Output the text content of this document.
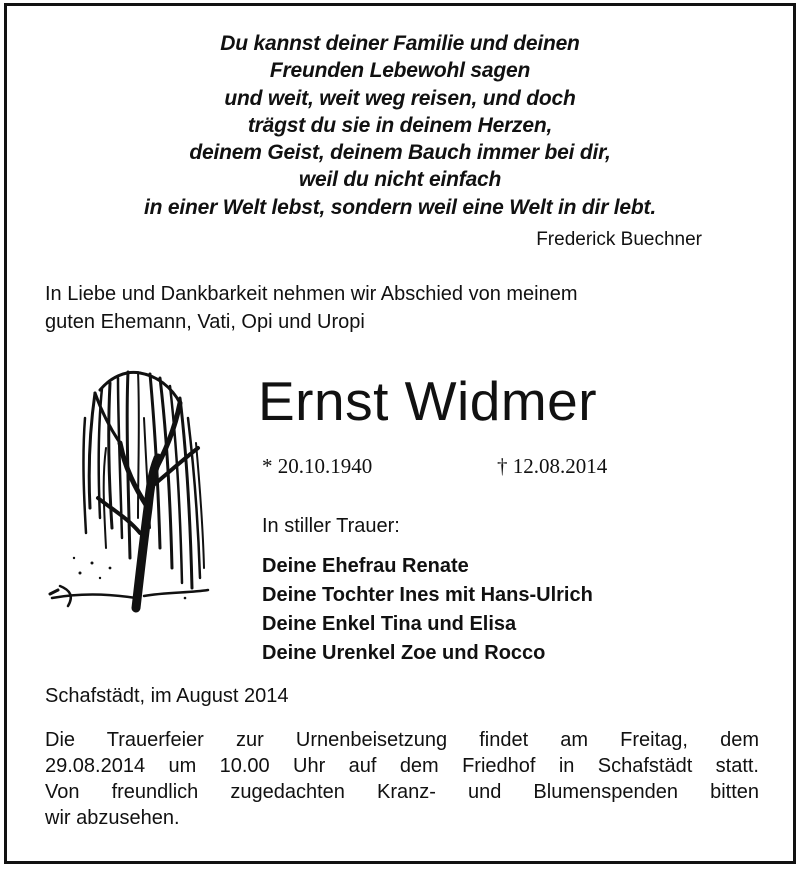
Du kannst deiner Familie und deinen
Freunden Lebewohl sagen
und weit, weit weg reisen, und doch
trägst du sie in deinem Herzen,
deinem Geist, deinem Bauch immer bei dir,
weil du nicht einfach
in einer Welt lebst, sondern weil eine Welt in dir lebt.
Frederick Buechner
In Liebe und Dankbarkeit nehmen wir Abschied von meinem
guten Ehemann, Vati, Opi und Uropi
Ernst Widmer
* 20.10.1940	† 12.08.2014
In stiller Trauer:
Deine Ehefrau Renate
Deine Tochter Ines mit Hans-Ulrich
Deine Enkel Tina und Elisa
Deine Urenkel Zoe und Rocco
Schafstädt, im August 2014
Die Trauerfeier zur Urnenbeisetzung findet am Freitag, dem
29.08.2014 um 10.00 Uhr auf dem Friedhof in Schafstädt statt.
Von freundlich zugedachten Kranz- und Blumenspenden bitten
wir abzusehen.
